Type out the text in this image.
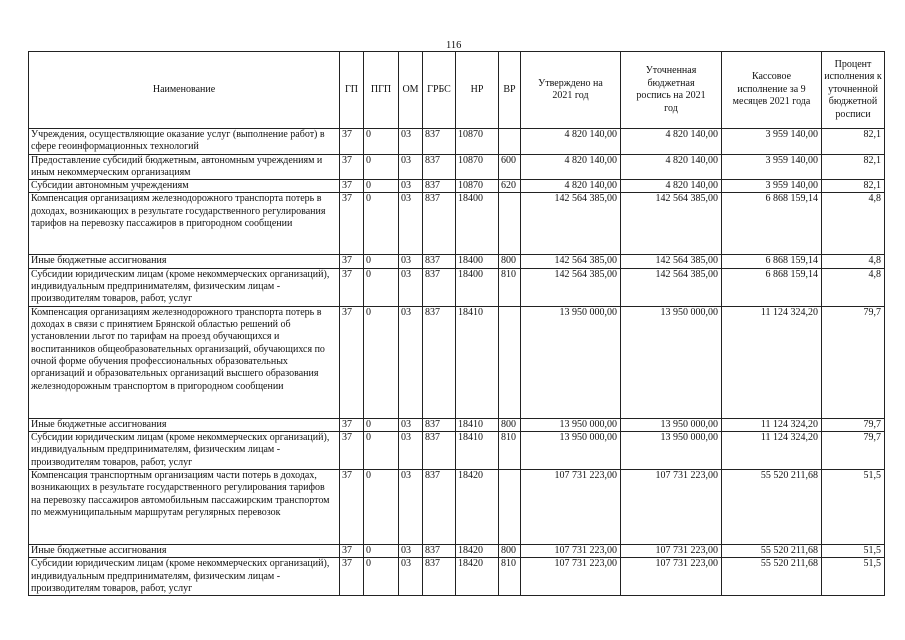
116
Наименование	ГП	ПГП	ОМ	ГРБС	НР	ВР	Утверждено на 2021 год	Уточненная бюджетная роспись на 2021 год	Кассовое исполнение за 9 месяцев 2021 года	Процент исполнения к уточненной бюджетной росписи
Учреждения, осуществляющие оказание услуг (выполнение работ) в сфере геоинформационных технологий	37	0	03	837	10870		4 820 140,00	4 820 140,00	3 959 140,00	82,1
Предоставление субсидий бюджетным, автономным учреждениям и иным некоммерческим организациям	37	0	03	837	10870	600	4 820 140,00	4 820 140,00	3 959 140,00	82,1
Субсидии автономным учреждениям	37	0	03	837	10870	620	4 820 140,00	4 820 140,00	3 959 140,00	82,1
Компенсация организациям железнодорожного транспорта потерь в доходах, возникающих в результате государственного регулирования тарифов на перевозку пассажиров в пригородном сообщении	37	0	03	837	18400		142 564 385,00	142 564 385,00	6 868 159,14	4,8
Иные бюджетные ассигнования	37	0	03	837	18400	800	142 564 385,00	142 564 385,00	6 868 159,14	4,8
Субсидии юридическим лицам (кроме некоммерческих организаций), индивидуальным предпринимателям, физическим лицам - производителям товаров, работ, услуг	37	0	03	837	18400	810	142 564 385,00	142 564 385,00	6 868 159,14	4,8
Компенсация организациям железнодорожного транспорта потерь в доходах в связи с принятием Брянской областью решений об установлении льгот по тарифам на проезд обучающихся и воспитанников общеобразовательных организаций, обучающихся по очной форме обучения профессиональных образовательных организаций и образовательных организаций высшего образования железнодорожным транспортом в пригородном сообщении	37	0	03	837	18410		13 950 000,00	13 950 000,00	11 124 324,20	79,7
Иные бюджетные ассигнования	37	0	03	837	18410	800	13 950 000,00	13 950 000,00	11 124 324,20	79,7
Субсидии юридическим лицам (кроме некоммерческих организаций), индивидуальным предпринимателям, физическим лицам - производителям товаров, работ, услуг	37	0	03	837	18410	810	13 950 000,00	13 950 000,00	11 124 324,20	79,7
Компенсация транспортным организациям части потерь в доходах, возникающих в результате государственного регулирования тарифов на перевозку пассажиров автомобильным пассажирским транспортом по межмуниципальным маршрутам регулярных перевозок	37	0	03	837	18420		107 731 223,00	107 731 223,00	55 520 211,68	51,5
Иные бюджетные ассигнования	37	0	03	837	18420	800	107 731 223,00	107 731 223,00	55 520 211,68	51,5
Субсидии юридическим лицам (кроме некоммерческих организаций), индивидуальным предпринимателям, физическим лицам - производителям товаров, работ, услуг	37	0	03	837	18420	810	107 731 223,00	107 731 223,00	55 520 211,68	51,5
